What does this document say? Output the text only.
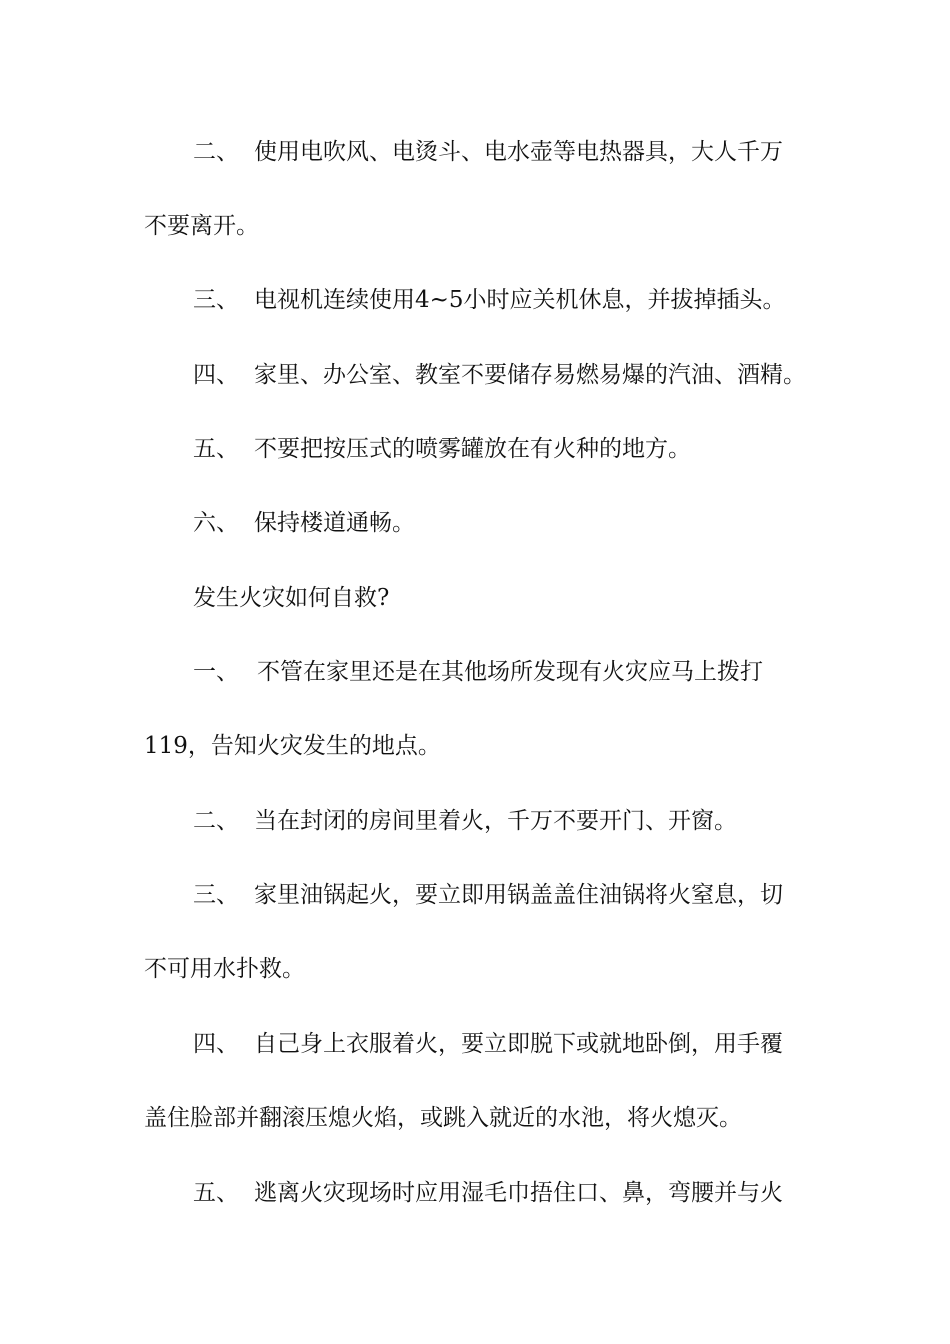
二、 使用电吹风、电烫斗、电水壶等电热器具，大人千万
不要离开。
三、 电视机连续使用4~5小时应关机休息，并拔掉插头。
四、 家里、办公室、教室不要储存易燃易爆的汽油、酒精。
五、 不要把按压式的喷雾罐放在有火种的地方。
六、 保持楼道通畅。
发生火灾如何自救?
一、 不管在家里还是在其他场所发现有火灾应马上拨打
119，告知火灾发生的地点。
二、 当在封闭的房间里着火，千万不要开门、开窗。
三、 家里油锅起火，要立即用锅盖盖住油锅将火窒息，切
不可用水扑救。
四、 自己身上衣服着火，要立即脱下或就地卧倒，用手覆
盖住脸部并翻滚压熄火焰，或跳入就近的水池，将火熄灭。
五、 逃离火灾现场时应用湿毛巾捂住口、鼻，弯腰并与火
